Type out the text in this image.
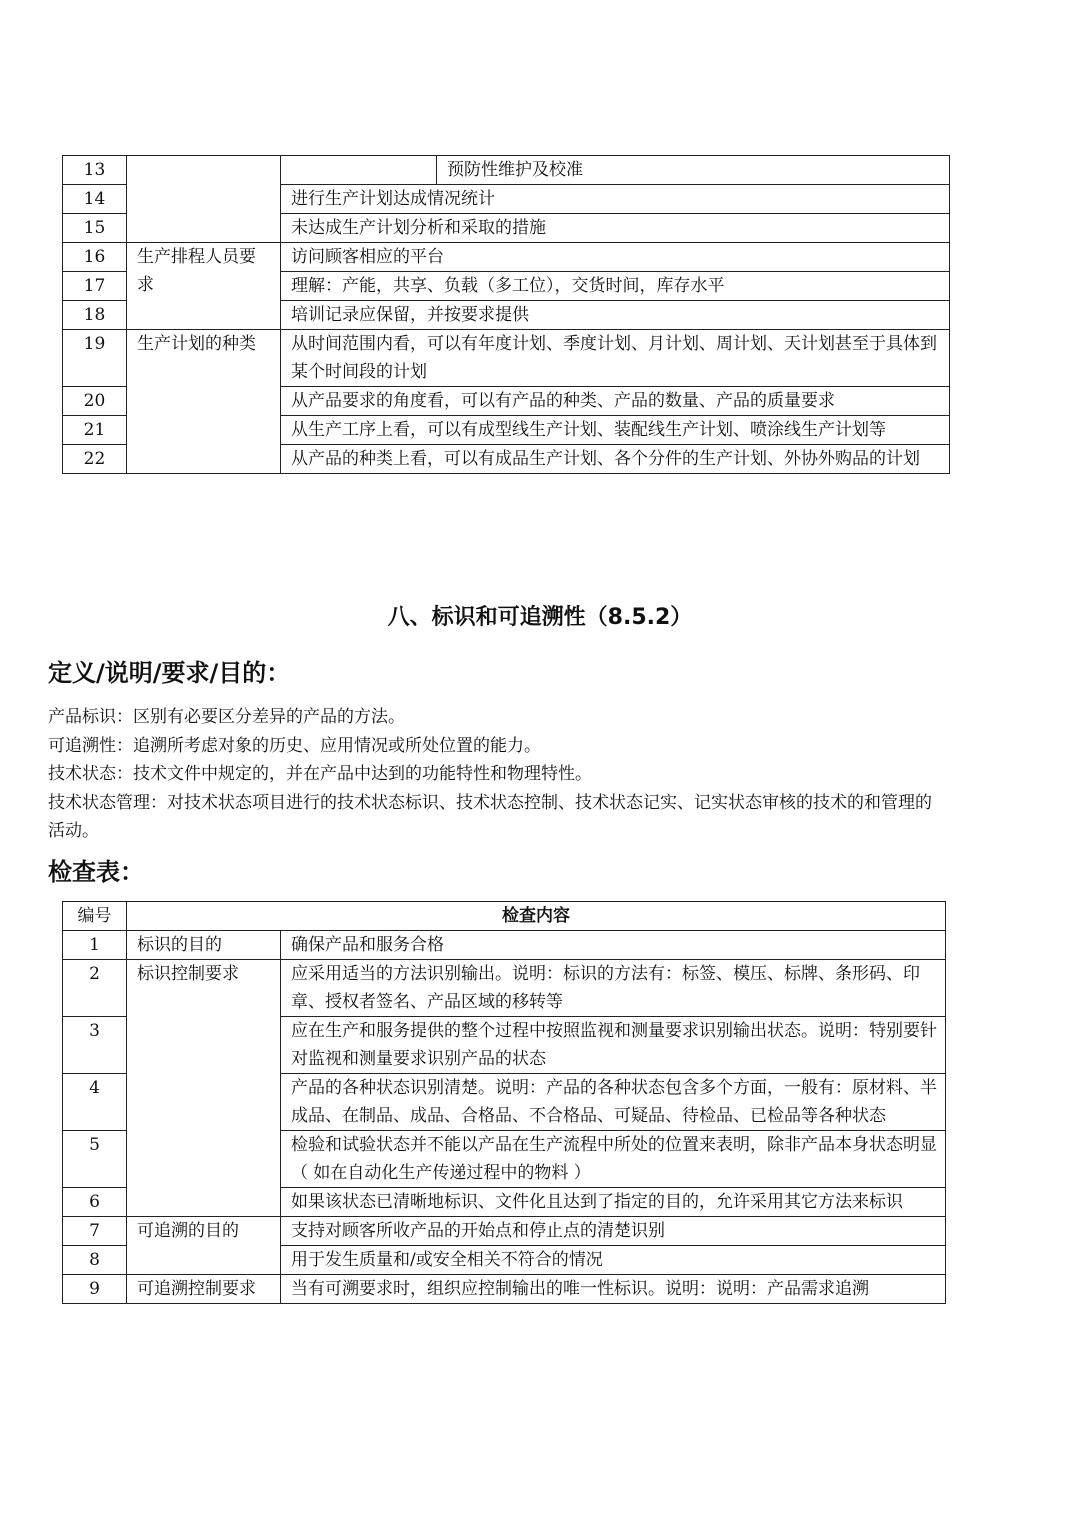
13		预防性维护及校准

14		进行生产计划达成情况统计
15		未达成生产计划分析和采取的措施
16	生产排程人员要求	访问顾客相应的平台
17		理解：产能，共享、负载（多工位），交货时间，库存水平
18		培训记录应保留，并按要求提供
19	生产计划的种类	从时间范围内看，可以有年度计划、季度计划、月计划、周计划、天计划甚至于具体到某个时间段的计划
20		从产品要求的角度看，可以有产品的种类、产品的数量、产品的质量要求
21		从生产工序上看，可以有成型线生产计划、装配线生产计划、喷涂线生产计划等
22		从产品的种类上看，可以有成品生产计划、各个分件的生产计划、外协外购品的计划
八、标识和可追溯性（8.5.2）
定义/说明/要求/目的：

产品标识：区别有必要区分差异的产品的方法。

可追溯性：追溯所考虑对象的历史、应用情况或所处位置的能力。

技术状态：技术文件中规定的，并在产品中达到的功能特性和物理特性。

技术状态管理：对技术状态项目进行的技术状态标识、技术状态控制、技术状态记实、记实状态审核的技术的和管理的活动。

检查表：
编号	检查内容	
1	标识的目的	确保产品和服务合格
2	标识控制要求	应采用适当的方法识别输出。说明：标识的方法有：标签、模压、标牌、条形码、印章、授权者签名、产品区域的移转等
3		应在生产和服务提供的整个过程中按照监视和测量要求识别输出状态。说明：特别要针对监视和测量要求识别产品的状态
4		产品的各种状态识别清楚。说明：产品的各种状态包含多个方面，一般有：原材料、半成品、在制品、成品、合格品、不合格品、可疑品、待检品、已检品等各种状态
5		检验和试验状态并不能以产品在生产流程中所处的位置来表明，除非产品本身状态明显（ 如在自动化生产传递过程中的物料 ）
6		如果该状态已清晰地标识、文件化且达到了指定的目的，允许采用其它方法来标识
7	可追溯的目的	支持对顾客所收产品的开始点和停止点的清楚识别
8		用于发生质量和/或安全相关不符合的情况
9	可追溯控制要求	当有可溯要求时，组织应控制输出的唯一性标识。说明：说明：产品需求追溯
